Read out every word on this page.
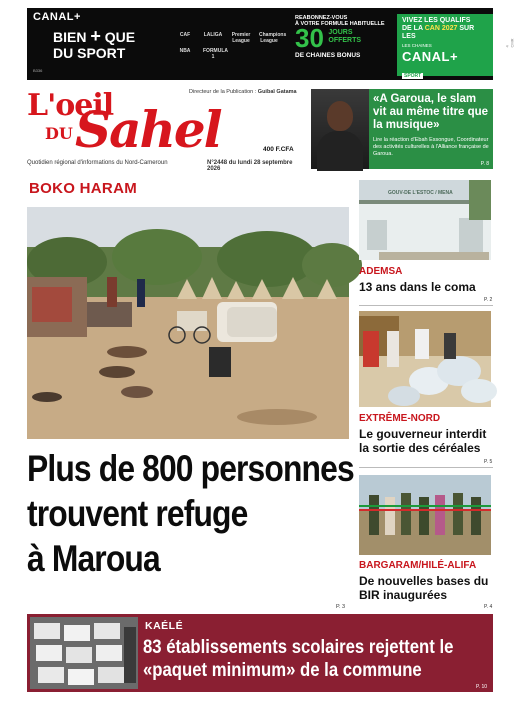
CANAL+
BIEN + QUE
DU SPORT
B336
CAF	LALIGA Premier League
Champions League
NBA	FORMULA 1
REABONNEZ-VOUS
À VOTRE FORMULE HABITUELLE
30 JOURS
OFFERTS
DE CHAINES BONUS
VIVEZ LES QUALIFS
DE LA CAN 2027 SUR LES
LES CHAINES
CANAL+
SPORT
4 CMR
L'oeil
DU Sahel
Directeur de la Publication : Guibaï Gatama
400 F.CFA
Quotidien régional d'informations du Nord-Cameroun	N°2448 du lundi 28 septembre 2026
«A Garoua, le slam vit au même titre que la musique»
Lire la réaction d'Ebah Essongue, Coordinateur des activités culturelles à l'Alliance française de Garoua.
P. 8
BOKO HARAM
Plus de 800 personnes
trouvent refuge
à Maroua
P. 3
GOUV-DE L'ESTOC / MENA
ADEMSA
13 ans dans le coma
P. 2
EXTRÊME-NORD
Le gouverneur interdit la sortie des céréales
P. 5
BARGARAM/HILÉ-ALIFA
De nouvelles bases du BIR inaugurées
P. 4
KAÉLÉ
83 établissements scolaires rejettent le «paquet minimum» de la commune
P. 10
